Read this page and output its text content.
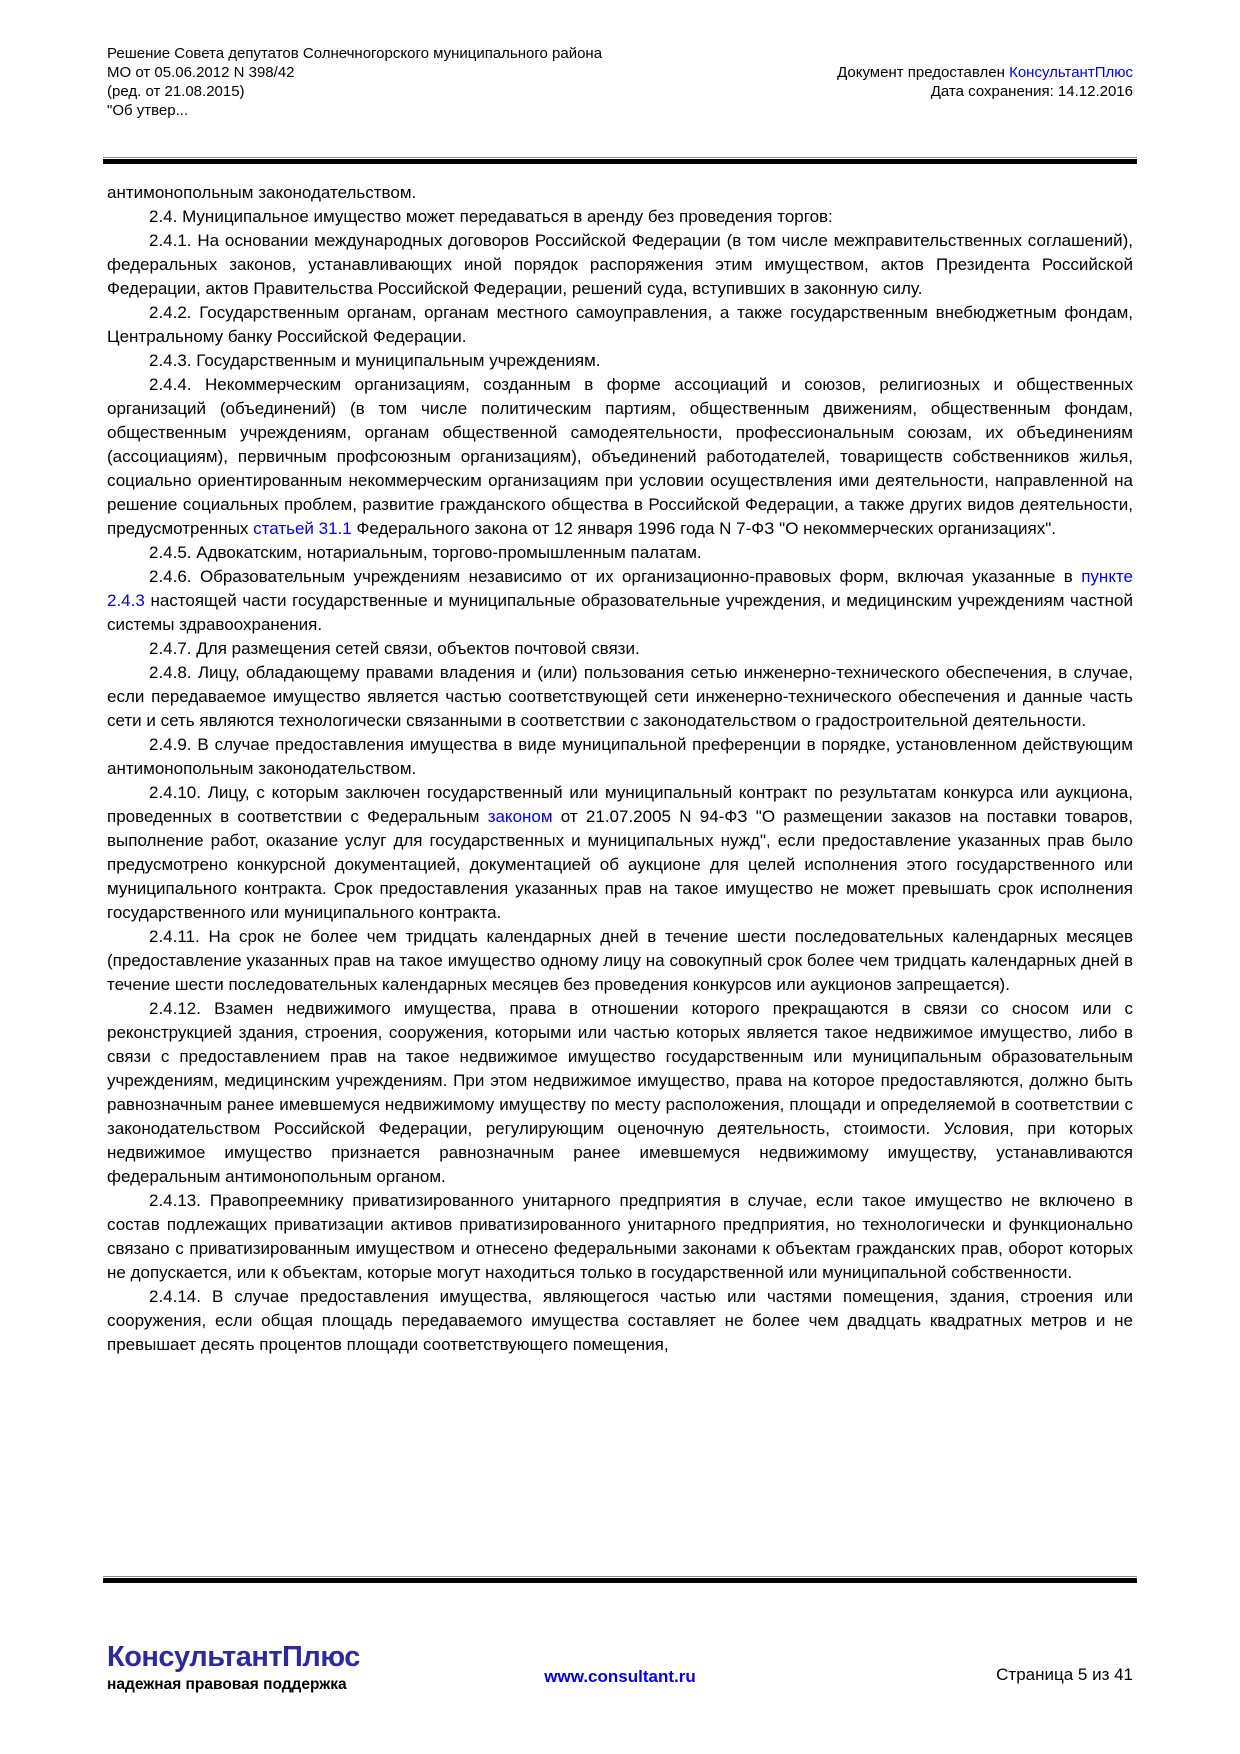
Решение Совета депутатов Солнечногорского муниципального района
МО от 05.06.2012 N 398/42
(ред. от 21.08.2015)
"Об утвер...
Документ предоставлен КонсультантПлюс
Дата сохранения: 14.12.2016

антимонопольным законодательством.

2.4. Муниципальное имущество может передаваться в аренду без проведения торгов:

2.4.1. На основании международных договоров Российской Федерации (в том числе межправительственных соглашений), федеральных законов, устанавливающих иной порядок распоряжения этим имуществом, актов Президента Российской Федерации, актов Правительства Российской Федерации, решений суда, вступивших в законную силу.

2.4.2. Государственным органам, органам местного самоуправления, а также государственным внебюджетным фондам, Центральному банку Российской Федерации.

2.4.3. Государственным и муниципальным учреждениям.

2.4.4. Некоммерческим организациям, созданным в форме ассоциаций и союзов, религиозных и общественных организаций (объединений) (в том числе политическим партиям, общественным движениям, общественным фондам, общественным учреждениям, органам общественной самодеятельности, профессиональным союзам, их объединениям (ассоциациям), первичным профсоюзным организациям), объединений работодателей, товариществ собственников жилья, социально ориентированным некоммерческим организациям при условии осуществления ими деятельности, направленной на решение социальных проблем, развитие гражданского общества в Российской Федерации, а также других видов деятельности, предусмотренных статьей 31.1 Федерального закона от 12 января 1996 года N 7-ФЗ "О некоммерческих организациях".

2.4.5. Адвокатским, нотариальным, торгово-промышленным палатам.

2.4.6. Образовательным учреждениям независимо от их организационно-правовых форм, включая указанные в пункте 2.4.3 настоящей части государственные и муниципальные образовательные учреждения, и медицинским учреждениям частной системы здравоохранения.

2.4.7. Для размещения сетей связи, объектов почтовой связи.

2.4.8. Лицу, обладающему правами владения и (или) пользования сетью инженерно-технического обеспечения, в случае, если передаваемое имущество является частью соответствующей сети инженерно-технического обеспечения и данные часть сети и сеть являются технологически связанными в соответствии с законодательством о градостроительной деятельности.

2.4.9. В случае предоставления имущества в виде муниципальной преференции в порядке, установленном действующим антимонопольным законодательством.

2.4.10. Лицу, с которым заключен государственный или муниципальный контракт по результатам конкурса или аукциона, проведенных в соответствии с Федеральным законом от 21.07.2005 N 94-ФЗ "О размещении заказов на поставки товаров, выполнение работ, оказание услуг для государственных и муниципальных нужд", если предоставление указанных прав было предусмотрено конкурсной документацией, документацией об аукционе для целей исполнения этого государственного или муниципального контракта. Срок предоставления указанных прав на такое имущество не может превышать срок исполнения государственного или муниципального контракта.

2.4.11. На срок не более чем тридцать календарных дней в течение шести последовательных календарных месяцев (предоставление указанных прав на такое имущество одному лицу на совокупный срок более чем тридцать календарных дней в течение шести последовательных календарных месяцев без проведения конкурсов или аукционов запрещается).

2.4.12. Взамен недвижимого имущества, права в отношении которого прекращаются в связи со сносом или с реконструкцией здания, строения, сооружения, которыми или частью которых является такое недвижимое имущество, либо в связи с предоставлением прав на такое недвижимое имущество государственным или муниципальным образовательным учреждениям, медицинским учреждениям. При этом недвижимое имущество, права на которое предоставляются, должно быть равнозначным ранее имевшемуся недвижимому имуществу по месту расположения, площади и определяемой в соответствии с законодательством Российской Федерации, регулирующим оценочную деятельность, стоимости. Условия, при которых недвижимое имущество признается равнозначным ранее имевшемуся недвижимому имуществу, устанавливаются федеральным антимонопольным органом.

2.4.13. Правопреемнику приватизированного унитарного предприятия в случае, если такое имущество не включено в состав подлежащих приватизации активов приватизированного унитарного предприятия, но технологически и функционально связано с приватизированным имуществом и отнесено федеральными законами к объектам гражданских прав, оборот которых не допускается, или к объектам, которые могут находиться только в государственной или муниципальной собственности.

2.4.14. В случае предоставления имущества, являющегося частью или частями помещения, здания, строения или сооружения, если общая площадь передаваемого имущества составляет не более чем двадцать квадратных метров и не превышает десять процентов площади соответствующего помещения,

КонсультантПлюс
надежная правовая поддержка	www.consultant.ru	Страница 5 из 41
